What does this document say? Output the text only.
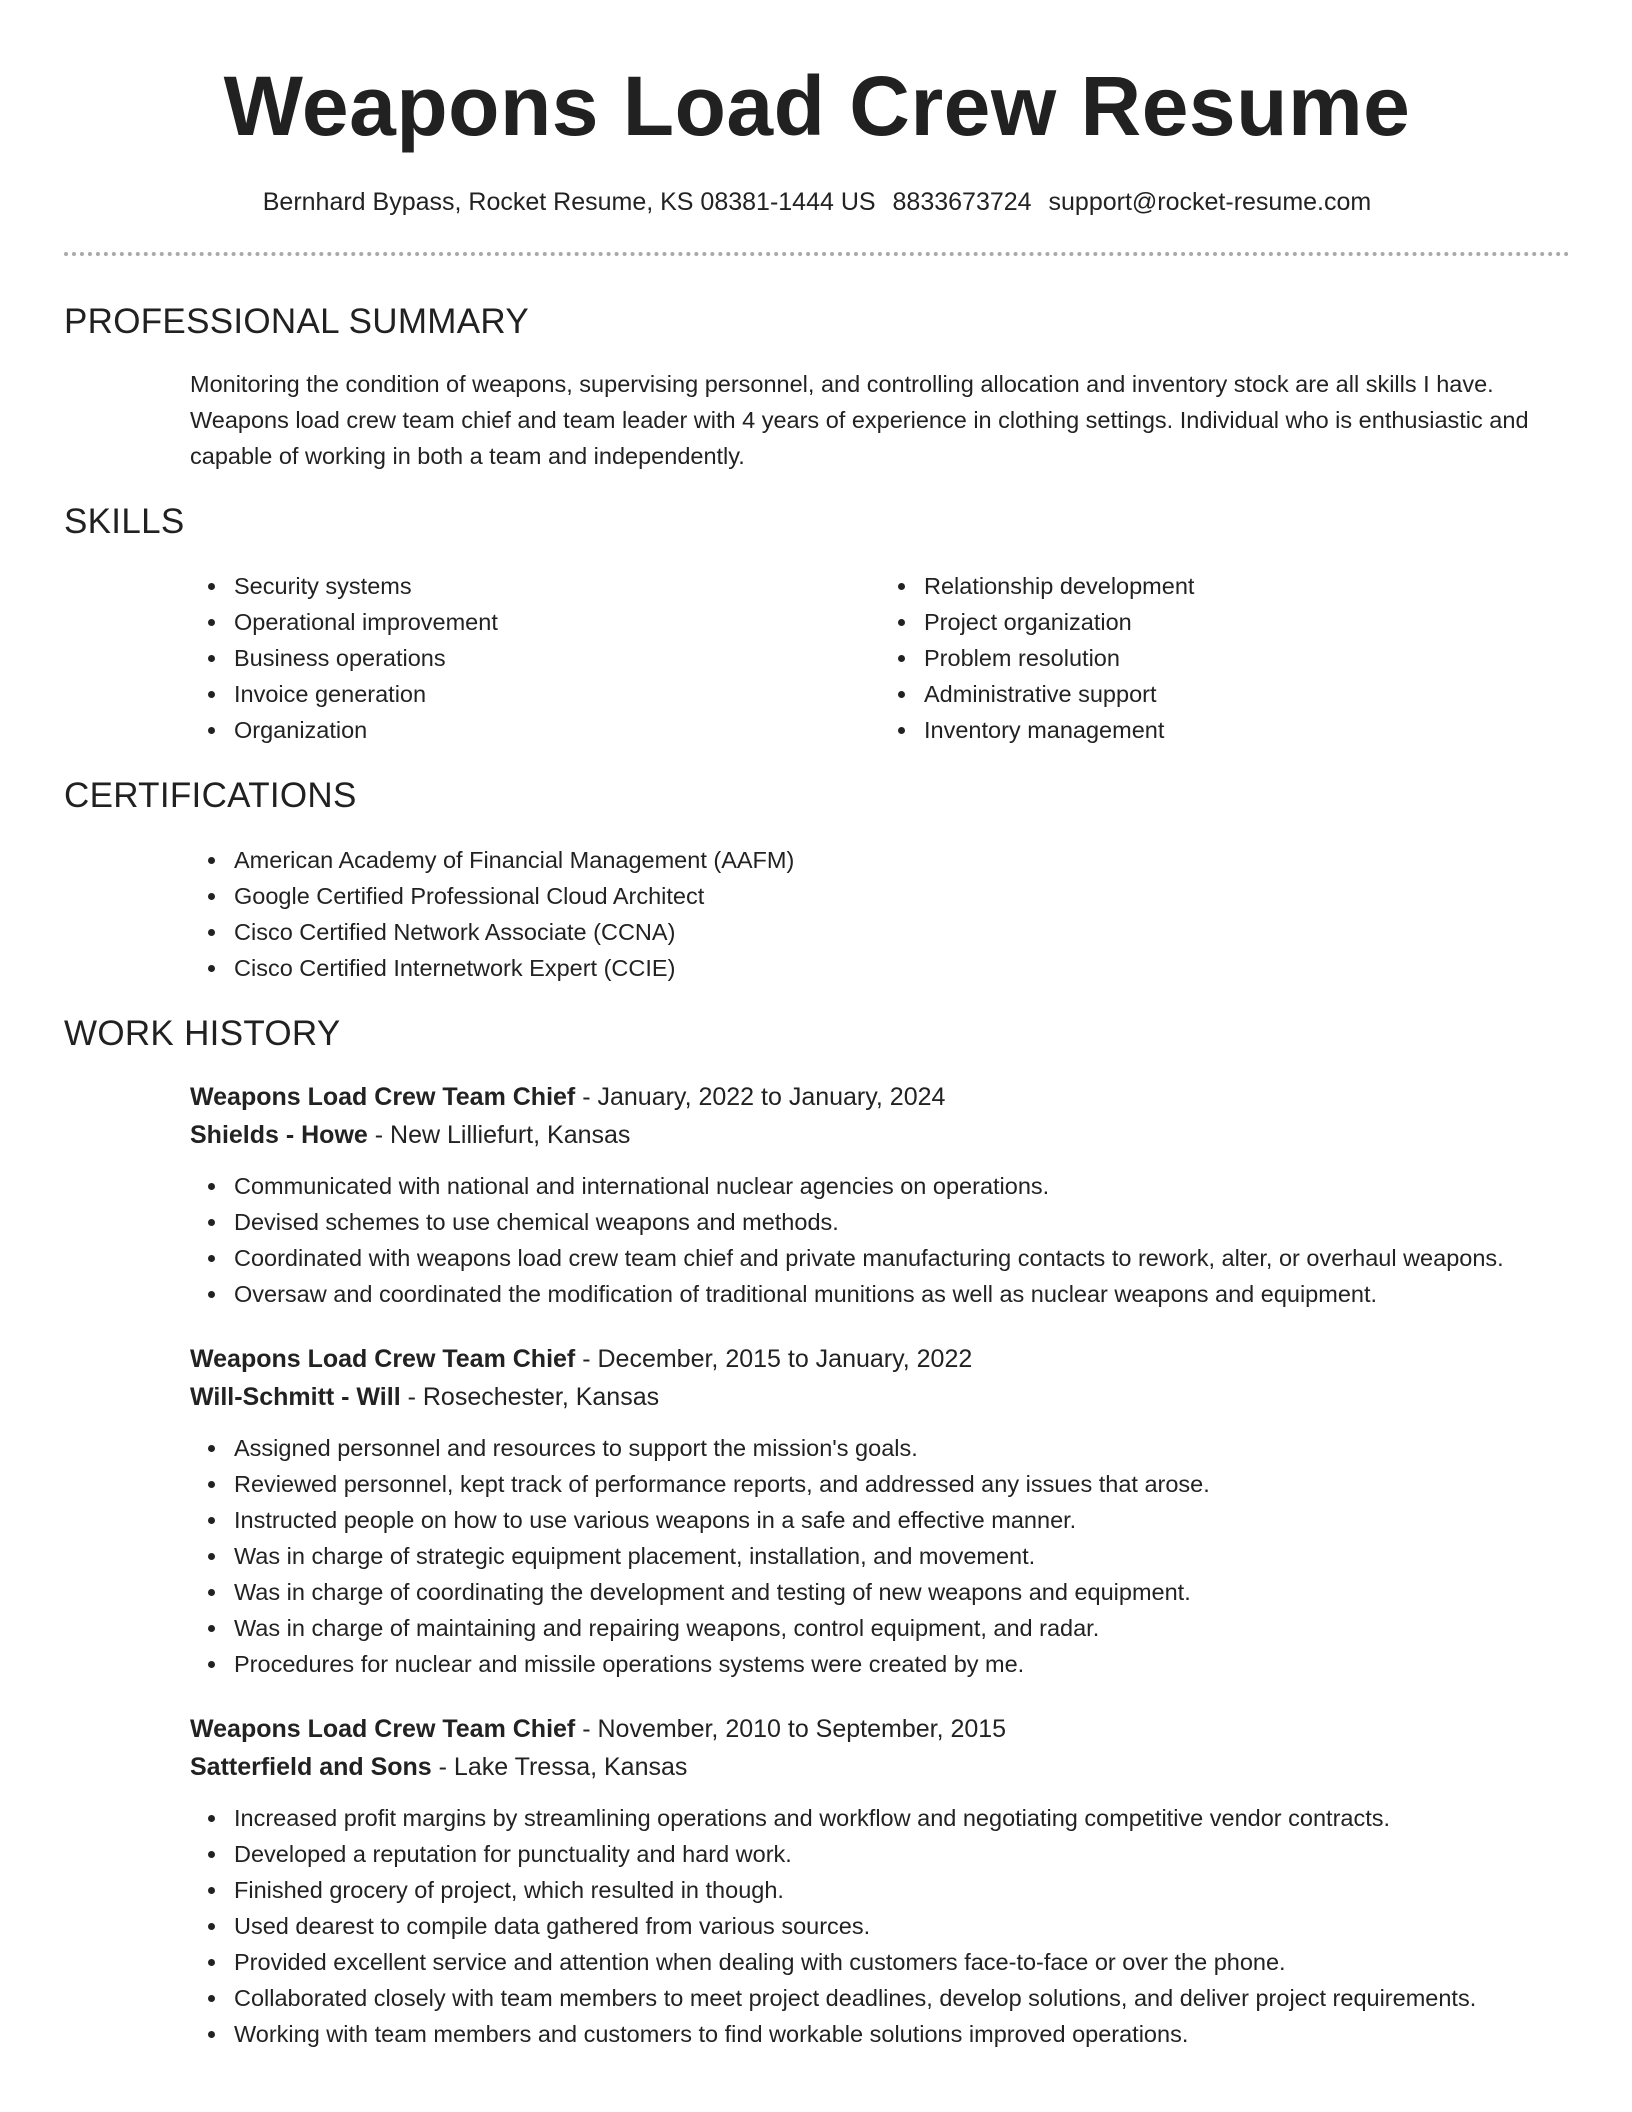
Weapons Load Crew Resume
Bernhard Bypass, Rocket Resume, KS 08381-1444 US 8833673724 support@rocket-resume.com
PROFESSIONAL SUMMARY
Monitoring the condition of weapons, supervising personnel, and controlling allocation and inventory stock are all skills I have. Weapons load crew team chief and team leader with 4 years of experience in clothing settings. Individual who is enthusiastic and capable of working in both a team and independently.
SKILLS
Security systems
Operational improvement
Business operations
Invoice generation
Organization
Relationship development
Project organization
Problem resolution
Administrative support
Inventory management
CERTIFICATIONS
American Academy of Financial Management (AAFM)
Google Certified Professional Cloud Architect
Cisco Certified Network Associate (CCNA)
Cisco Certified Internetwork Expert (CCIE)
WORK HISTORY
Weapons Load Crew Team Chief - January, 2022 to January, 2024
Shields - Howe - New Lilliefurt, Kansas
Communicated with national and international nuclear agencies on operations.
Devised schemes to use chemical weapons and methods.
Coordinated with weapons load crew team chief and private manufacturing contacts to rework, alter, or overhaul weapons.
Oversaw and coordinated the modification of traditional munitions as well as nuclear weapons and equipment.
Weapons Load Crew Team Chief - December, 2015 to January, 2022
Will-Schmitt - Will - Rosechester, Kansas
Assigned personnel and resources to support the mission's goals.
Reviewed personnel, kept track of performance reports, and addressed any issues that arose.
Instructed people on how to use various weapons in a safe and effective manner.
Was in charge of strategic equipment placement, installation, and movement.
Was in charge of coordinating the development and testing of new weapons and equipment.
Was in charge of maintaining and repairing weapons, control equipment, and radar.
Procedures for nuclear and missile operations systems were created by me.
Weapons Load Crew Team Chief - November, 2010 to September, 2015
Satterfield and Sons - Lake Tressa, Kansas
Increased profit margins by streamlining operations and workflow and negotiating competitive vendor contracts.
Developed a reputation for punctuality and hard work.
Finished grocery of project, which resulted in though.
Used dearest to compile data gathered from various sources.
Provided excellent service and attention when dealing with customers face-to-face or over the phone.
Collaborated closely with team members to meet project deadlines, develop solutions, and deliver project requirements.
Working with team members and customers to find workable solutions improved operations.
